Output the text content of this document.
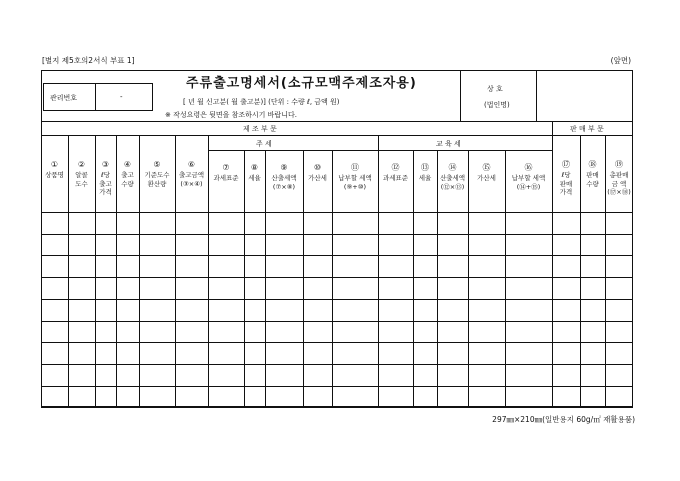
[별지 제5호의2서식 부표 1]	(앞면)
관리번호	-
주류출고명세서(소규모맥주제조자용)
[ 년 월 신고분( 월 출고분)] (단위 : 수량 ℓ, 금액 원)
※ 작성요령은 뒷면을 참조하시기 바랍니다.
상 호
(법인명)
제 조 부 문	판 매 부 문
주 세	교 육 세
297㎜×210㎜(일반용지 60g/㎡ 재활용품)
①
상품명
②
알콜
도수
③
ℓ당
출고
가격
④
출고
수량
⑤
기준도수
환산량
⑥
출고금액
(③×④)
⑦
과세표준
⑧
세율
⑨
산출세액
(⑦×⑧)
⑩
가산세
⑪
납부할 세액
(⑨+⑩)
⑫
과세표준
⑬
세율
⑭
산출세액
(⑫×⑬)
⑮
가산세
⑯
납부할 세액
(⑭+⑮)
⑰
ℓ당
판매
가격
⑱
판매
수량
⑲
총판매
금 액
(⑰×⑱)
